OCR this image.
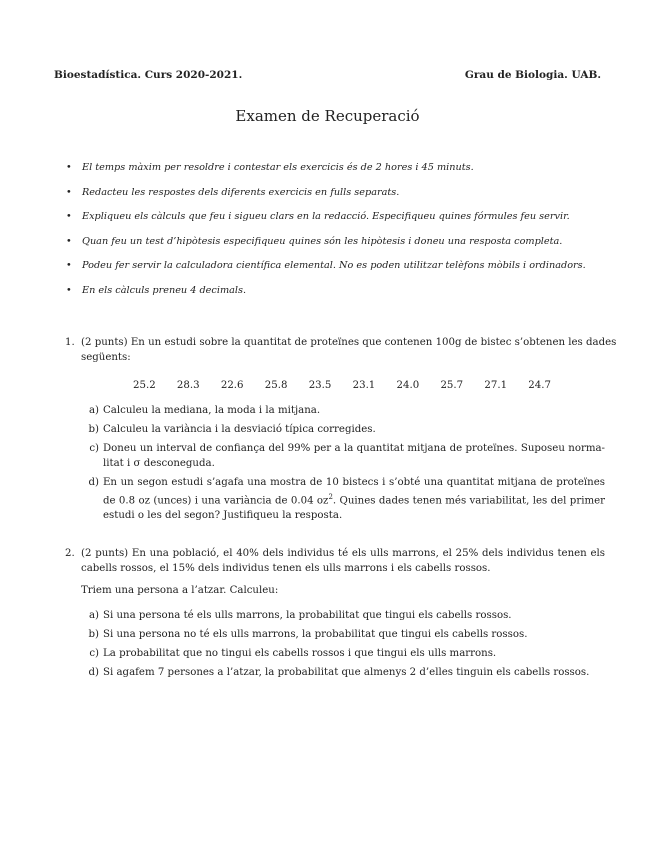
Bioestadística. Curs 2020-2021.	Grau de Biologia. UAB.
Examen de Recuperació
• El temps màxim per resoldre i contestar els exercicis és de 2 hores i 45 minuts.
• Redacteu les respostes dels diferents exercicis en fulls separats.
• Expliqueu els càlculs que feu i sigueu clars en la redacció. Especifiqueu quines fórmules feu servir.
• Quan feu un test d’hipòtesis especifiqueu quines són les hipòtesis i doneu una resposta completa.
• Podeu fer servir la calculadora científica elemental. No es poden utilitzar telèfons mòbils i ordinadors.
• En els càlculs preneu 4 decimals.
1. (2 punts) En un estudi sobre la quantitat de proteïnes que contenen 100g de bistec s’obtenen les dades
següents:
25.2 28.3 22.6 25.8 23.5 23.1 24.0 25.7 27.1 24.7
a) Calculeu la mediana, la moda i la mitjana.
b) Calculeu la variància i la desviació típica corregides.
c) Doneu un interval de confiança del 99% per a la quantitat mitjana de proteïnes. Suposeu norma-
litat i σ desconeguda.
d) En un segon estudi s’agafa una mostra de 10 bistecs i s’obté una quantitat mitjana de proteïnes
de 0.8 oz (unces) i una variància de 0.04 $oz^2$. Quines dades tenen més variabilitat, les del primer
estudi o les del segon? Justifiqueu la resposta.
2. (2 punts) En una població, el 40% dels individus té els ulls marrons, el 25% dels individus tenen els
cabells rossos, el 15% dels individus tenen els ulls marrons i els cabells rossos.
Triem una persona a l’atzar. Calculeu:
a) Si una persona té els ulls marrons, la probabilitat que tingui els cabells rossos.
b) Si una persona no té els ulls marrons, la probabilitat que tingui els cabells rossos.
c) La probabilitat que no tingui els cabells rossos i que tingui els ulls marrons.
d) Si agafem 7 persones a l’atzar, la probabilitat que almenys 2 d’elles tinguin els cabells rossos.
